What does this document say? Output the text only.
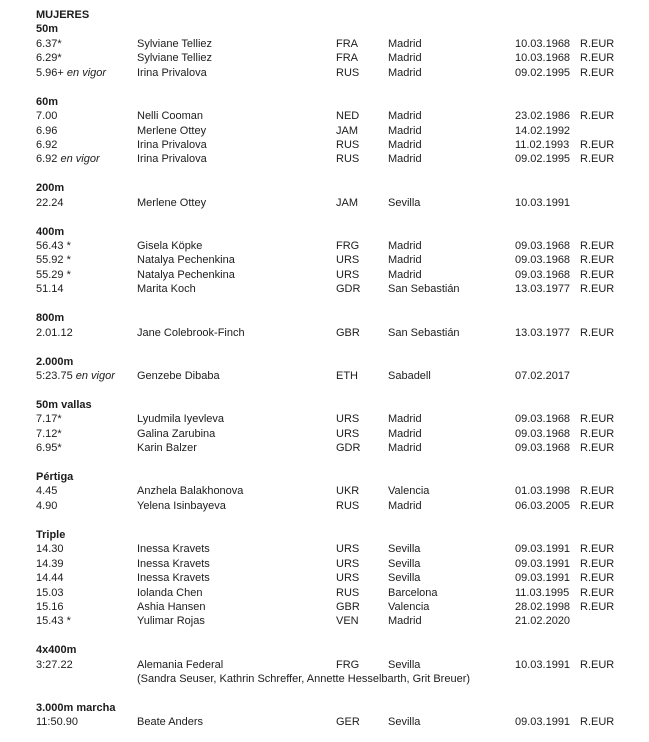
MUJERES
50m
6.37*	Sylviane Telliez	FRA	Madrid	10.03.1968 R.EUR
6.29*	Sylviane Telliez	FRA	Madrid	10.03.1968 R.EUR
5.96+ en vigor	Irina Privalova	RUS	Madrid	09.02.1995 R.EUR
60m
7.00	Nelli Cooman	NED	Madrid	23.02.1986 R.EUR
6.96	Merlene Ottey	JAM	Madrid	14.02.1992
6.92	Irina Privalova	RUS	Madrid	11.02.1993 R.EUR
6.92 en vigor	Irina Privalova	RUS	Madrid	09.02.1995 R.EUR
200m
22.24	Merlene Ottey	JAM	Sevilla	10.03.1991
400m
56.43 *	Gisela Köpke	FRG	Madrid	09.03.1968 R.EUR
55.92 *	Natalya Pechenkina	URS	Madrid	09.03.1968 R.EUR
55.29 *	Natalya Pechenkina	URS	Madrid	09.03.1968 R.EUR
51.14	Marita Koch	GDR	San Sebastián	13.03.1977 R.EUR
800m
2.01.12	Jane Colebrook-Finch	GBR	San Sebastián	13.03.1977 R.EUR
2.000m
5:23.75 en vigor Genzebe Dibaba	ETH	Sabadell	07.02.2017
50m vallas
7.17*	Lyudmila Iyevleva	URS	Madrid	09.03.1968 R.EUR
7.12*	Galina Zarubina	URS	Madrid	09.03.1968 R.EUR
6.95*	Karin Balzer	GDR	Madrid	09.03.1968 R.EUR
Pértiga
4.45	Anzhela Balakhonova	UKR	Valencia	01.03.1998 R.EUR
4.90	Yelena Isinbayeva	RUS	Madrid	06.03.2005 R.EUR
Triple
14.30	Inessa Kravets	URS	Sevilla	09.03.1991 R.EUR
14.39	Inessa Kravets	URS	Sevilla	09.03.1991 R.EUR
14.44	Inessa Kravets	URS	Sevilla	09.03.1991 R.EUR
15.03	Iolanda Chen	RUS	Barcelona	11.03.1995 R.EUR
15.16	Ashia Hansen	GBR	Valencia	28.02.1998 R.EUR
15.43 *	Yulimar Rojas	VEN	Madrid	21.02.2020
4x400m
3:27.22	Alemania Federal	FRG	Sevilla	10.03.1991 R.EUR
(Sandra Seuser, Kathrin Schreffer, Annette Hesselbarth, Grit Breuer)
3.000m marcha
11:50.90	Beate Anders	GER	Sevilla	09.03.1991 R.EUR
